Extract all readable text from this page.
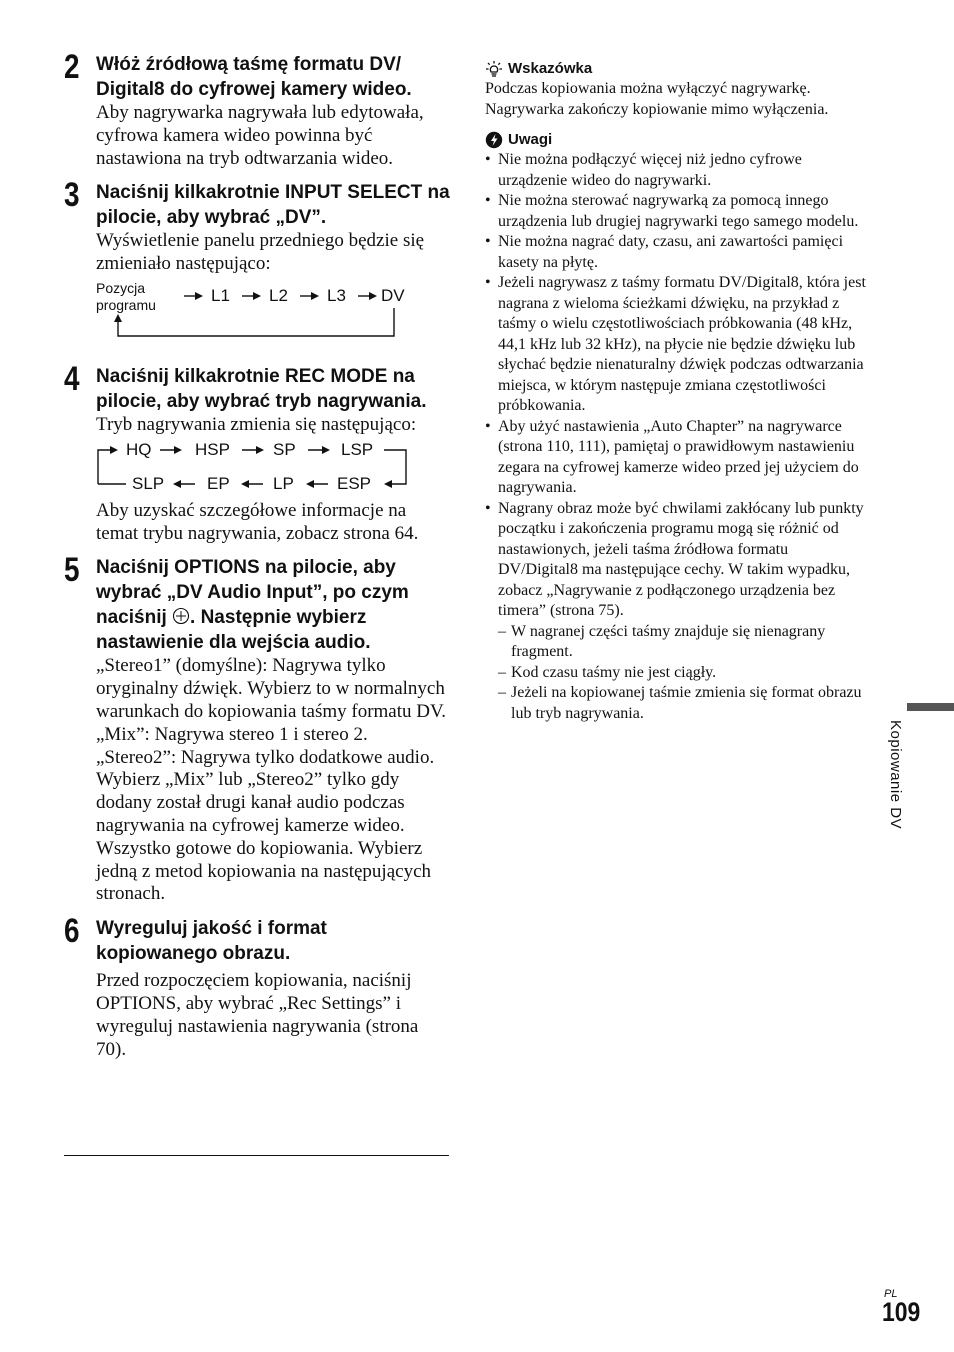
2 Włóż źródłową taśmę formatu DV/ Digital8 do cyfrowej kamery wideo.

Aby nagrywarka nagrywała lub edytowała, cyfrowa kamera wideo powinna być nastawiona na tryb odtwarzania wideo.

3 Naciśnij kilkakrotnie INPUT SELECT na pilocie, aby wybrać „DV”.

Wyświetlenie panelu przedniego będzie się zmieniało następująco:

Pozycja
programu	L1 L2 L3 DV
4 Naciśnij kilkakrotnie REC MODE na pilocie, aby wybrać tryb nagrywania.

Tryb nagrywania zmienia się następująco:

HQ	HSP	SP	LSP
SLP	EP	LP	ESP

Aby uzyskać szczegółowe informacje na temat trybu nagrywania, zobacz strona 64.

5 Naciśnij OPTIONS na pilocie, aby wybrać „DV Audio Input”, po czym naciśnij . Następnie wybierz nastawienie dla wejścia audio.

„Stereo1” (domyślne): Nagrywa tylko oryginalny dźwięk. Wybierz to w normalnych warunkach do kopiowania taśmy formatu DV.

„Mix”: Nagrywa stereo 1 i stereo 2.

„Stereo2”: Nagrywa tylko dodatkowe audio.

Wybierz „Mix” lub „Stereo2” tylko gdy dodany został drugi kanał audio podczas nagrywania na cyfrowej kamerze wideo.

Wszystko gotowe do kopiowania. Wybierz jedną z metod kopiowania na następujących stronach.

6 Wyreguluj jakość i format kopiowanego obrazu.

Przed rozpoczęciem kopiowania, naciśnij OPTIONS, aby wybrać „Rec Settings” i wyreguluj nastawienia nagrywania (strona 70).

Wskazówka

Podczas kopiowania można wyłączyć nagrywarkę. Nagrywarka zakończy kopiowanie mimo wyłączenia.

Uwagi
• Nie można podłączyć więcej niż jedno cyfrowe urządzenie wideo do nagrywarki.
• Nie można sterować nagrywarką za pomocą innego urządzenia lub drugiej nagrywarki tego samego modelu.
• Nie można nagrać daty, czasu, ani zawartości pamięci kasety na płytę.
• Jeżeli nagrywasz z taśmy formatu DV/Digital8, która jest nagrana z wieloma ścieżkami dźwięku, na przykład z taśmy o wielu częstotliwościach próbkowania (48 kHz, 44,1 kHz lub 32 kHz), na płycie nie będzie dźwięku lub słychać będzie nienaturalny dźwięk podczas odtwarzania miejsca, w którym następuje zmiana częstotliwości próbkowania.
• Aby użyć nastawienia „Auto Chapter” na nagrywarce (strona 110, 111), pamiętaj o prawidłowym nastawieniu zegara na cyfrowej kamerze wideo przed jej użyciem do nagrywania.
• Nagrany obraz może być chwilami zakłócany lub punkty początku i zakończenia programu mogą się różnić od nastawionych, jeżeli taśma źródłowa formatu DV/Digital8 ma następujące cechy. W takim wypadku, zobacz „Nagrywanie z podłączonego urządzenia bez timera” (strona 75).
– W nagranej części taśmy znajduje się nienagrany fragment.
– Kod czasu taśmy nie jest ciągły.
– Jeżeli na kopiowanej taśmie zmienia się format obrazu lub tryb nagrywania.
Kopiowanie DV
PL
109
